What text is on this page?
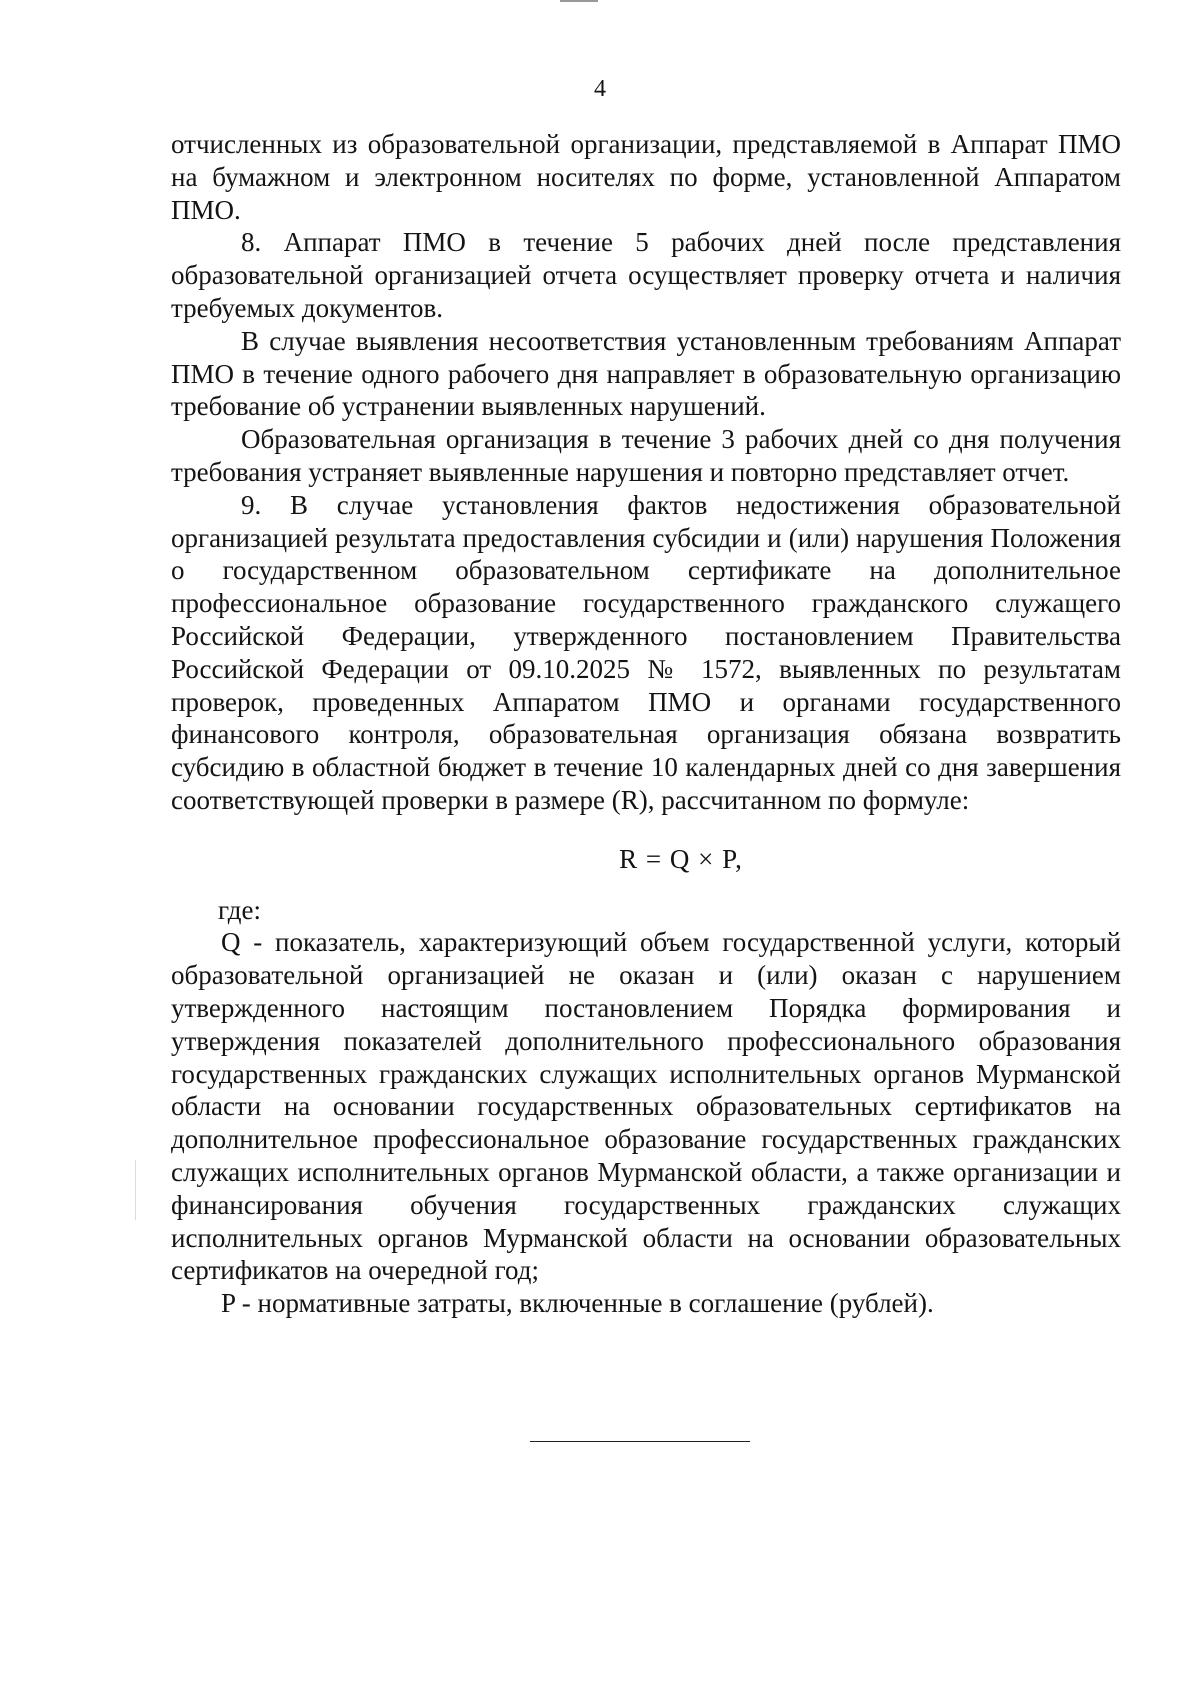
4

отчисленных из образовательной организации, представляемой в Аппарат ПМО на бумажном и электронном носителях по форме, установленной Аппаратом ПМО.

8. Аппарат ПМО в течение 5 рабочих дней после представления образовательной организацией отчета осуществляет проверку отчета и наличия требуемых документов.

В случае выявления несоответствия установленным требованиям Аппарат ПМО в течение одного рабочего дня направляет в образовательную организацию требование об устранении выявленных нарушений.

Образовательная организация в течение 3 рабочих дней со дня получения требования устраняет выявленные нарушения и повторно представляет отчет.

9. В случае установления фактов недостижения образовательной организацией результата предоставления субсидии и (или) нарушения Положения о государственном образовательном сертификате на дополнительное профессиональное образование государственного гражданского служащего Российской Федерации, утвержденного постановлением Правительства Российской Федерации от 09.10.2025 № 1572, выявленных по результатам проверок, проведенных Аппаратом ПМО и органами государственного финансового контроля, образовательная организация обязана возвратить субсидию в областной бюджет в течение 10 календарных дней со дня завершения соответствующей проверки в размере (R), рассчитанном по формуле:

R = Q × P,

где:

Q - показатель, характеризующий объем государственной услуги, который образовательной организацией не оказан и (или) оказан с нарушением утвержденного настоящим постановлением Порядка формирования и утверждения показателей дополнительного профессионального образования государственных гражданских служащих исполнительных органов Мурманской области на основании государственных образовательных сертификатов на дополнительное профессиональное образование государственных гражданских служащих исполнительных органов Мурманской области, а также организации и финансирования обучения государственных гражданских служащих исполнительных органов Мурманской области на основании образовательных сертификатов на очередной год;

P - нормативные затраты, включенные в соглашение (рублей).
